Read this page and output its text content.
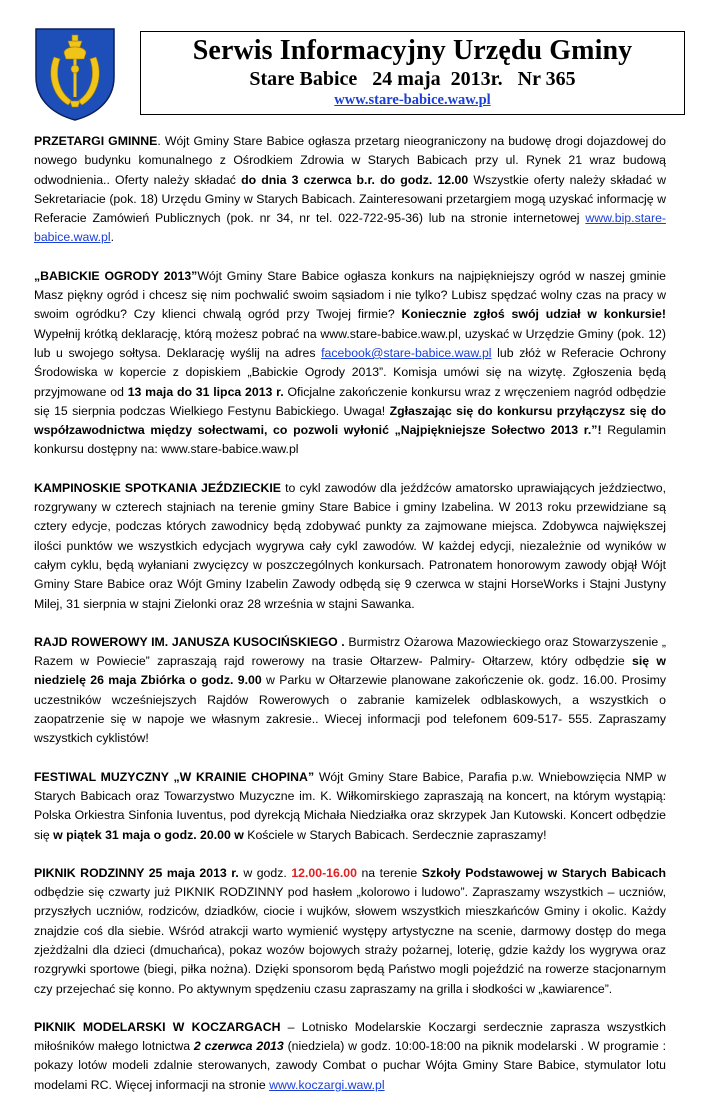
Serwis Informacyjny Urzędu Gminy
Stare Babice   24 maja  2013r.   Nr 365
www.stare-babice.waw.pl

PRZETARGI GMINNE. Wójt Gminy Stare Babice ogłasza przetarg nieograniczony na budowę drogi dojazdowej do nowego budynku komunalnego z Ośrodkiem Zdrowia w Starych Babicach przy ul. Rynek 21 wraz budową odwodnienia.. Oferty należy składać do dnia 3 czerwca b.r. do godz. 12.00 Wszystkie oferty należy składać w Sekretariacie (pok. 18) Urzędu Gminy w Starych Babicach. Zainteresowani przetargiem mogą uzyskać informację w Referacie Zamówień Publicznych (pok. nr 34, nr tel. 022-722-95-36) lub na stronie internetowej www.bip.stare-babice.waw.pl.

„BABICKIE OGRODY 2013”Wójt Gminy Stare Babice ogłasza konkurs na najpiękniejszy ogród w naszej gminie Masz piękny ogród i chcesz się nim pochwalić swoim sąsiadom i nie tylko? Lubisz spędzać wolny czas na pracy w swoim ogródku? Czy klienci chwalą ogród przy Twojej firmie? Koniecznie zgłoś swój udział w konkursie! Wypełnij krótką deklarację, którą możesz pobrać na www.stare-babice.waw.pl, uzyskać w Urzędzie Gminy (pok. 12) lub u swojego sołtysa. Deklarację wyślij na adres facebook@stare-babice.waw.pl lub złóż w Referacie Ochrony Środowiska w kopercie z dopiskiem „Babickie Ogrody 2013”. Komisja umówi się na wizytę. Zgłoszenia będą przyjmowane od 13 maja do 31 lipca 2013 r. Oficjalne zakończenie konkursu wraz z wręczeniem nagród odbędzie się 15 sierpnia podczas Wielkiego Festynu Babickiego. Uwaga! Zgłaszając się do konkursu przyłączysz się do współzawodnictwa między sołectwami, co pozwoli wyłonić „Najpiękniejsze Sołectwo 2013 r.”! Regulamin konkursu dostępny na: www.stare-babice.waw.pl

KAMPINOSKIE SPOTKANIA JEŹDZIECKIE to cykl zawodów dla jeźdźców amatorsko uprawiających jeździectwo, rozgrywany w czterech stajniach na terenie gminy Stare Babice i gminy Izabelina. W 2013 roku przewidziane są cztery edycje, podczas których zawodnicy będą zdobywać punkty za zajmowane miejsca. Zdobywca największej ilości punktów we wszystkich edycjach wygrywa cały cykl zawodów. W każdej edycji, niezależnie od wyników w całym cyklu, będą wyłaniani zwycięzcy w poszczególnych konkursach. Patronatem honorowym zawody objął Wójt Gminy Stare Babice oraz Wójt Gminy Izabelin Zawody odbędą się 9 czerwca w stajni HorseWorks i Stajni Justyny Milej, 31 sierpnia w stajni Zielonki oraz 28 września w stajni Sawanka.

RAJD ROWEROWY IM. JANUSZA KUSOCIŃSKIEGO . Burmistrz Ożarowa Mazowieckiego oraz Stowarzyszenie „ Razem w Powiecie” zapraszają rajd rowerowy na trasie Ołtarzew- Palmiry- Ołtarzew, który odbędzie się w niedzielę 26 maja Zbiórka o godz. 9.00 w Parku w Ołtarzewie planowane zakończenie ok. godz. 16.00. Prosimy uczestników wcześniejszych Rajdów Rowerowych o zabranie kamizelek odblaskowych, a wszystkich o zaopatrzenie się w napoje we własnym zakresie.. Wiecej informacji pod telefonem 609-517- 555. Zapraszamy wszystkich cyklistów!

FESTIWAL MUZYCZNY „W KRAINIE CHOPINA” Wójt Gminy Stare Babice, Parafia p.w. Wniebowzięcia NMP w Starych Babicach oraz Towarzystwo Muzyczne im. K. Wiłkomirskiego zapraszają na koncert, na którym wystąpią: Polska Orkiestra Sinfonia Iuventus, pod dyrekcją Michała Niedziałka oraz skrzypek Jan Kutowski. Koncert odbędzie się w piątek 31 maja o godz. 20.00 w Kościele w Starych Babicach. Serdecznie zapraszamy!

PIKNIK RODZINNY 25 maja 2013 r. w godz. 12.00-16.00 na terenie Szkoły Podstawowej w Starych Babicach odbędzie się czwarty już PIKNIK RODZINNY pod hasłem „kolorowo i ludowo”. Zapraszamy wszystkich – uczniów, przyszłych uczniów, rodziców, dziadków, ciocie i wujków, słowem wszystkich mieszkańców Gminy i okolic. Każdy znajdzie coś dla siebie. Wśród atrakcji warto wymienić występy artystyczne na scenie, darmowy dostęp do mega zjeżdżalni dla dzieci (dmuchańca), pokaz wozów bojowych straży pożarnej, loterię, gdzie każdy los wygrywa oraz rozgrywki sportowe (biegi, piłka nożna). Dzięki sponsorom będą Państwo mogli pojeździć na rowerze stacjonarnym czy przejechać się konno. Po aktywnym spędzeniu czasu zapraszamy na grilla i słodkości w „kawiarence”.

PIKNIK MODELARSKI W KOCZARGACH – Lotnisko Modelarskie Koczargi serdecznie zaprasza wszystkich miłośników małego lotnictwa 2 czerwca 2013 (niedziela) w godz. 10:00-18:00 na piknik modelarski . W programie : pokazy lotów modeli zdalnie sterowanych, zawody Combat o puchar Wójta Gminy Stare Babice, stymulator lotu modelami RC. Więcej informacji na stronie www.koczargi.waw.pl
